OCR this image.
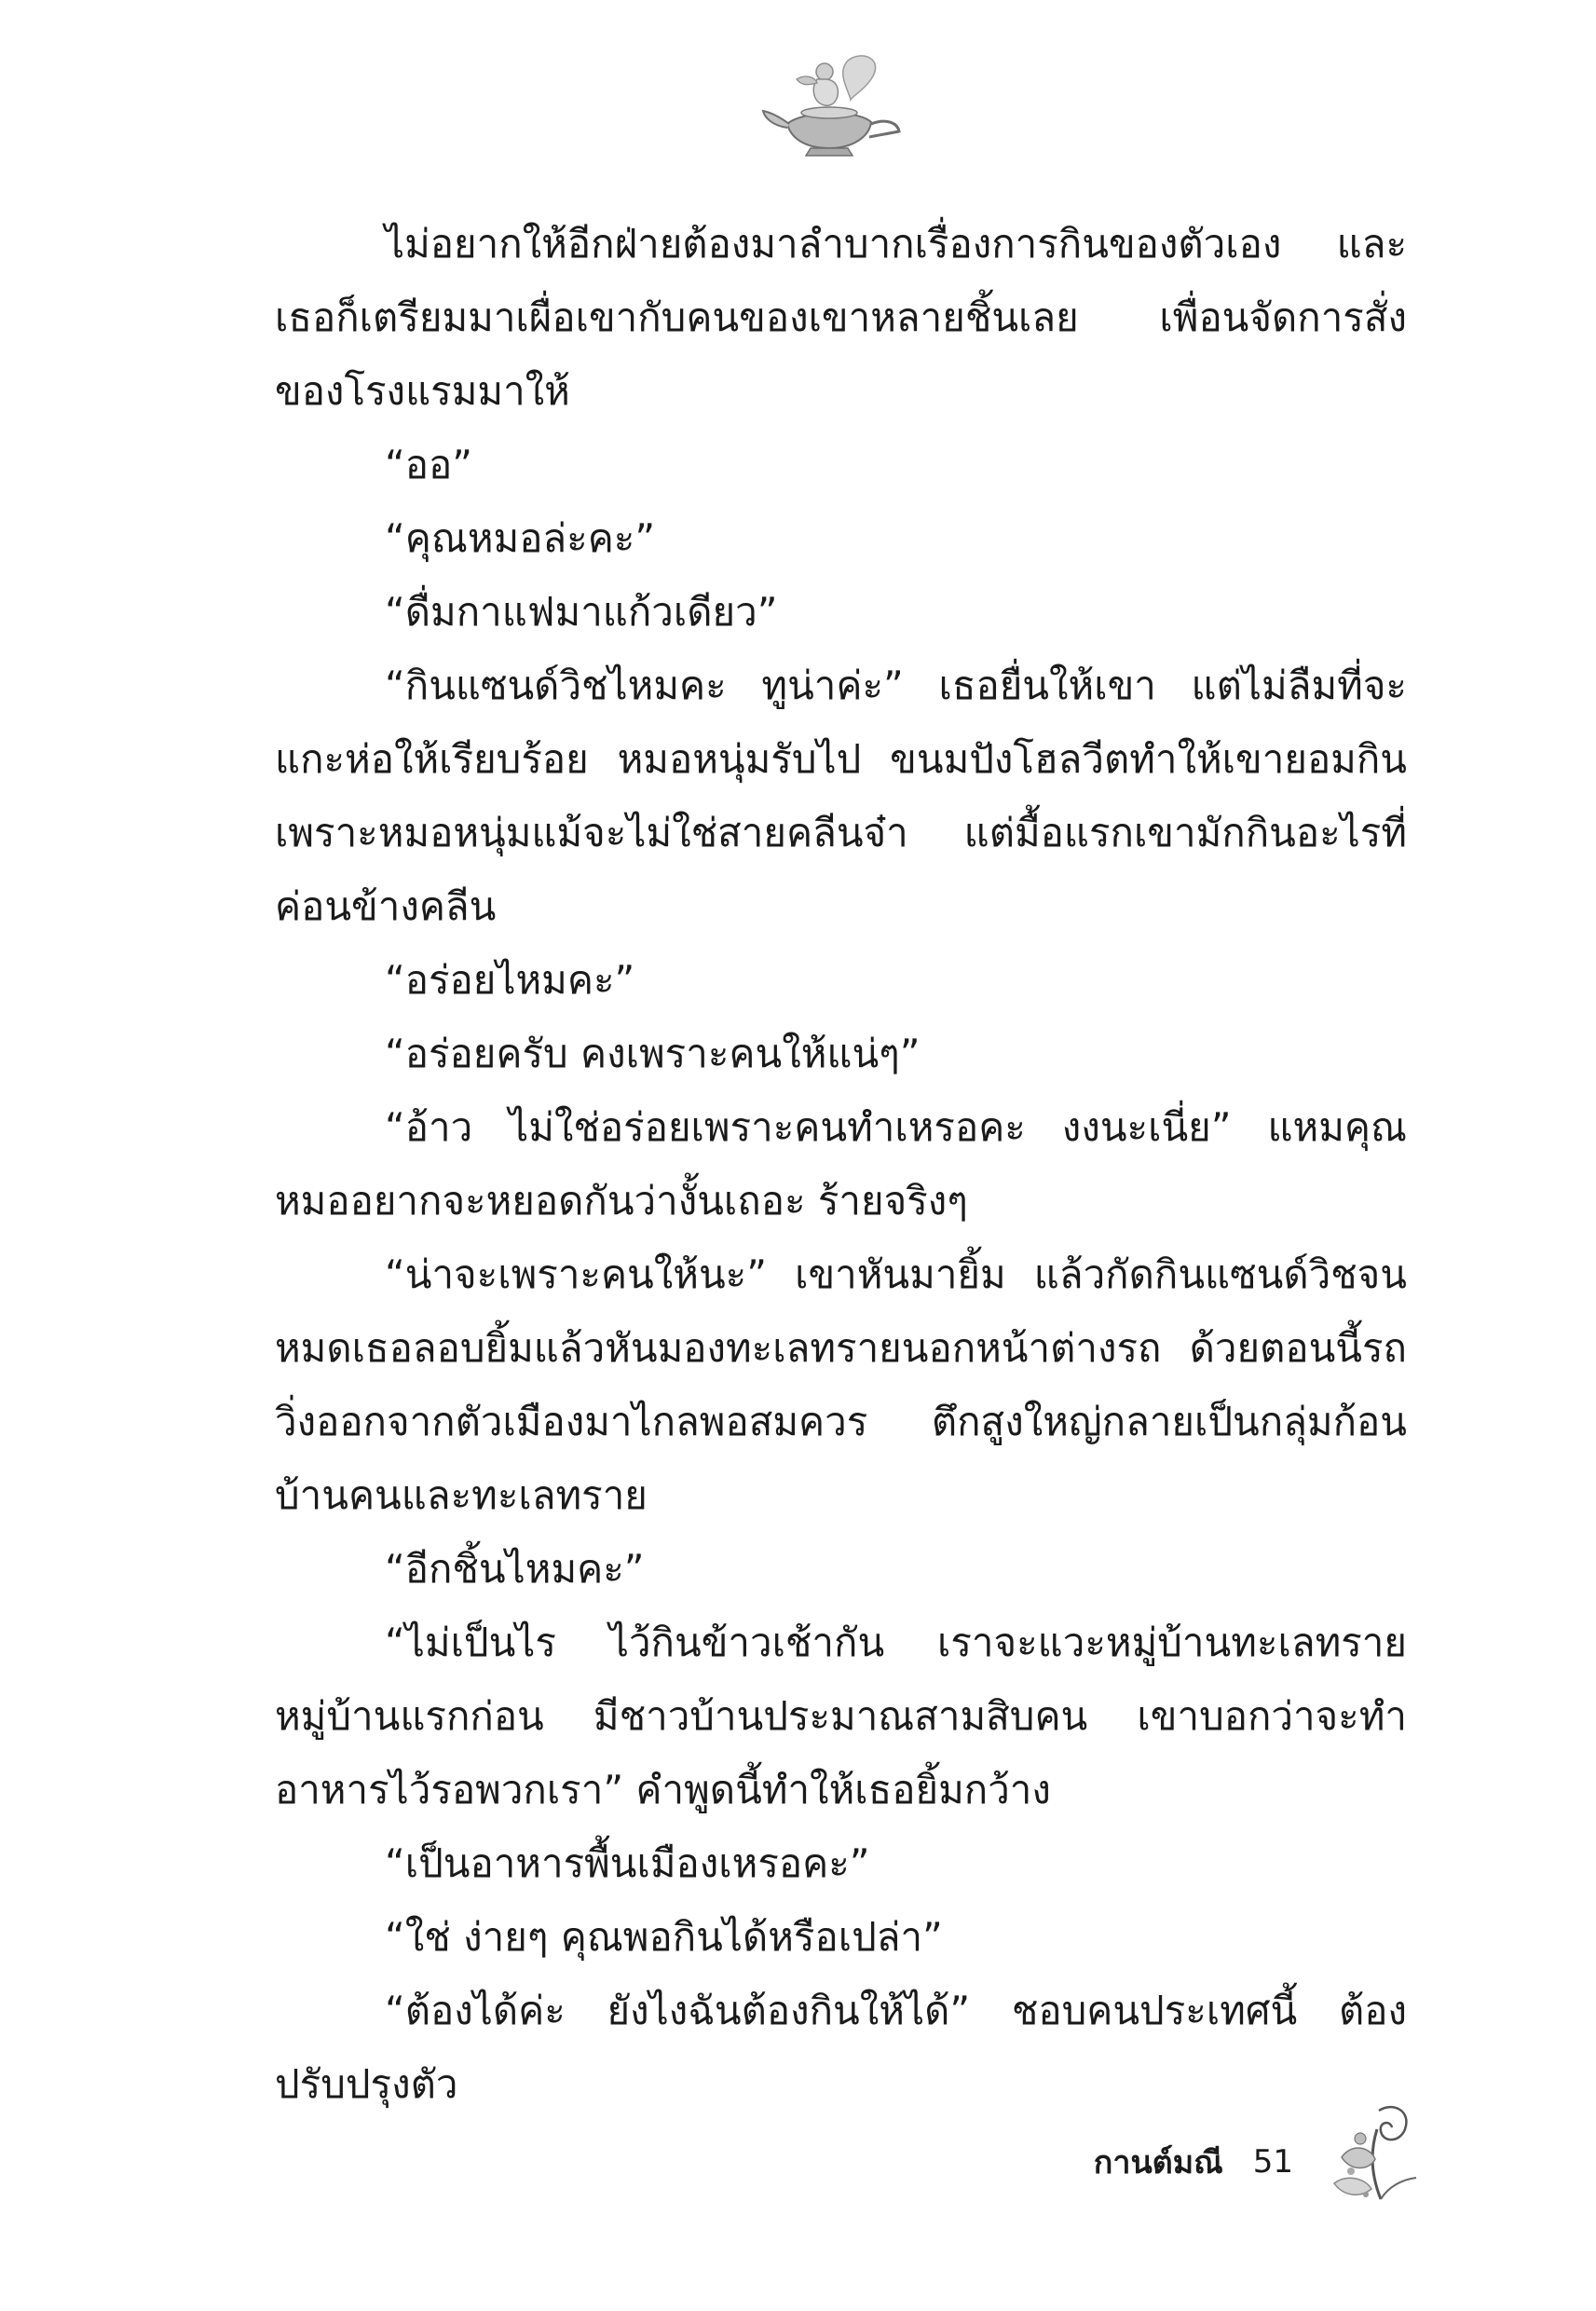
ไม่อยากให้อีกฝ่ายต้องมาลำบากเรื่องการกินของตัวเอง และเธอก็เตรียมมาเผื่อเขากับคนของเขาหลายชิ้นเลย เพื่อนจัดการสั่งของโรงแรมมาให้

“ออ”

“คุณหมอล่ะคะ”

“ดื่มกาแฟมาแก้วเดียว”

“กินแซนด์วิชไหมคะ ทูน่าค่ะ” เธอยื่นให้เขา แต่ไม่ลืมที่จะแกะห่อให้เรียบร้อย หมอหนุ่มรับไป ขนมปังโฮลวีตทำให้เขายอมกิน เพราะหมอหนุ่มแม้จะไม่ใช่สายคลีนจ๋า แต่มื้อแรกเขามักกินอะไรที่ค่อนข้างคลีน

“อร่อยไหมคะ”

“อร่อยครับ คงเพราะคนให้แน่ๆ”

“อ้าว ไม่ใช่อร่อยเพราะคนทำเหรอคะ งงนะเนี่ย” แหมคุณหมออยากจะหยอดกันว่างั้นเถอะ ร้ายจริงๆ

“น่าจะเพราะคนให้นะ” เขาหันมายิ้ม แล้วกัดกินแซนด์วิชจนหมดเธอลอบยิ้มแล้วหันมองทะเลทรายนอกหน้าต่างรถ ด้วยตอนนี้รถวิ่งออกจากตัวเมืองมาไกลพอสมควร ตึกสูงใหญ่กลายเป็นกลุ่มก้อนบ้านคนและทะเลทราย

“อีกชิ้นไหมคะ”

“ไม่เป็นไร ไว้กินข้าวเช้ากัน เราจะแวะหมู่บ้านทะเลทรายหมู่บ้านแรกก่อน มีชาวบ้านประมาณสามสิบคน เขาบอกว่าจะทำอาหารไว้รอพวกเรา” คำพูดนี้ทำให้เธอยิ้มกว้าง

“เป็นอาหารพื้นเมืองเหรอคะ”

“ใช่ ง่ายๆ คุณพอกินได้หรือเปล่า”

“ต้องได้ค่ะ ยังไงฉันต้องกินให้ได้” ชอบคนประเทศนี้ ต้องปรับปรุงตัว

กานต์มณี 51
